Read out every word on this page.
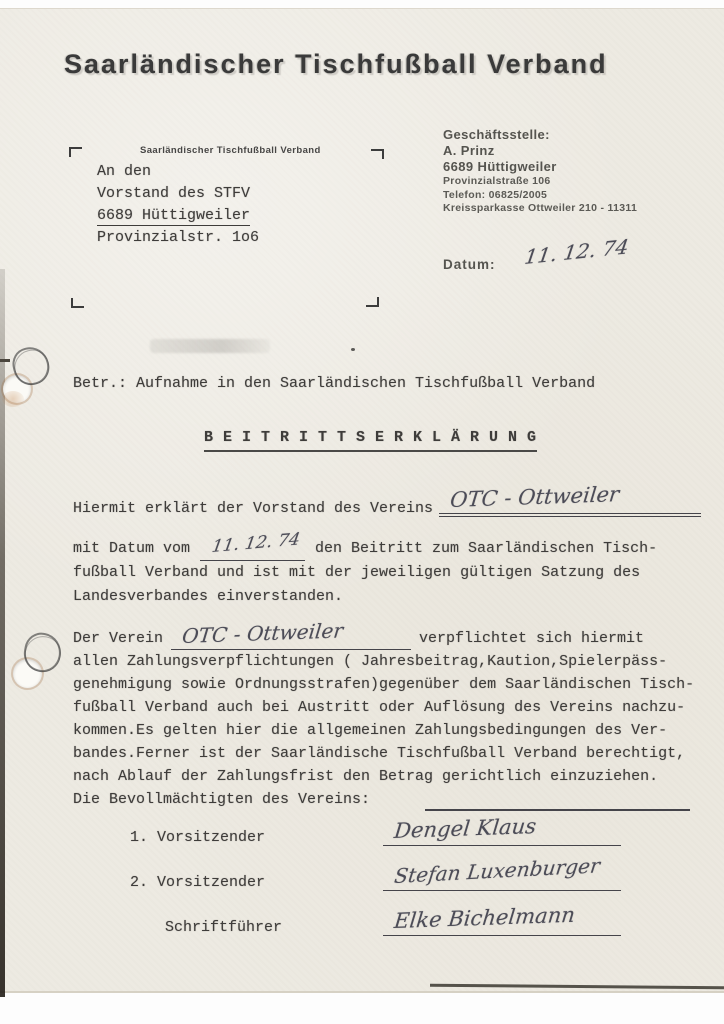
Saarländischer Tischfußball Verband
Saarländischer Tischfußball Verband
An den
Vorstand des STFV
6689 Hüttigweiler
Provinzialstr. 1o6
Geschäftsstelle:
A. Prinz
6689 Hüttigweiler
Provinzialstraße 106
Telefon: 06825/2005
Kreissparkasse Ottweiler 210 - 11311
Datum: 11. 12. 74
Betr.: Aufnahme in den Saarländischen Tischfußball Verband
B E I T R I T T S E R K L Ä R U N G
Hiermit erklärt der Vorstand des Vereins OTC - Ottweiler
mit Datum vom 11. 12. 74 den Beitritt zum Saarländischen Tisch-
fußball Verband und ist mit der jeweiligen gültigen Satzung des
Landesverbandes einverstanden.
Der Verein OTC - Ottweiler	verpflichtet sich hiermit
allen Zahlungsverpflichtungen ( Jahresbeitrag,Kaution,Spielerpäss-
genehmigung sowie Ordnungsstrafen)gegenüber dem Saarländischen Tisch-
fußball Verband auch bei Austritt oder Auflösung des Vereins nachzu-
kommen.Es gelten hier die allgemeinen Zahlungsbedingungen des Ver-
bandes.Ferner ist der Saarländische Tischfußball Verband berechtigt,
nach Ablauf der Zahlungsfrist den Betrag gerichtlich einzuziehen.
Die Bevollmächtigten des Vereins:
1. Vorsitzender	Dengel Klaus
2. Vorsitzender	Stefan Luxenburger
Schriftführer	Elke Bichelmann
